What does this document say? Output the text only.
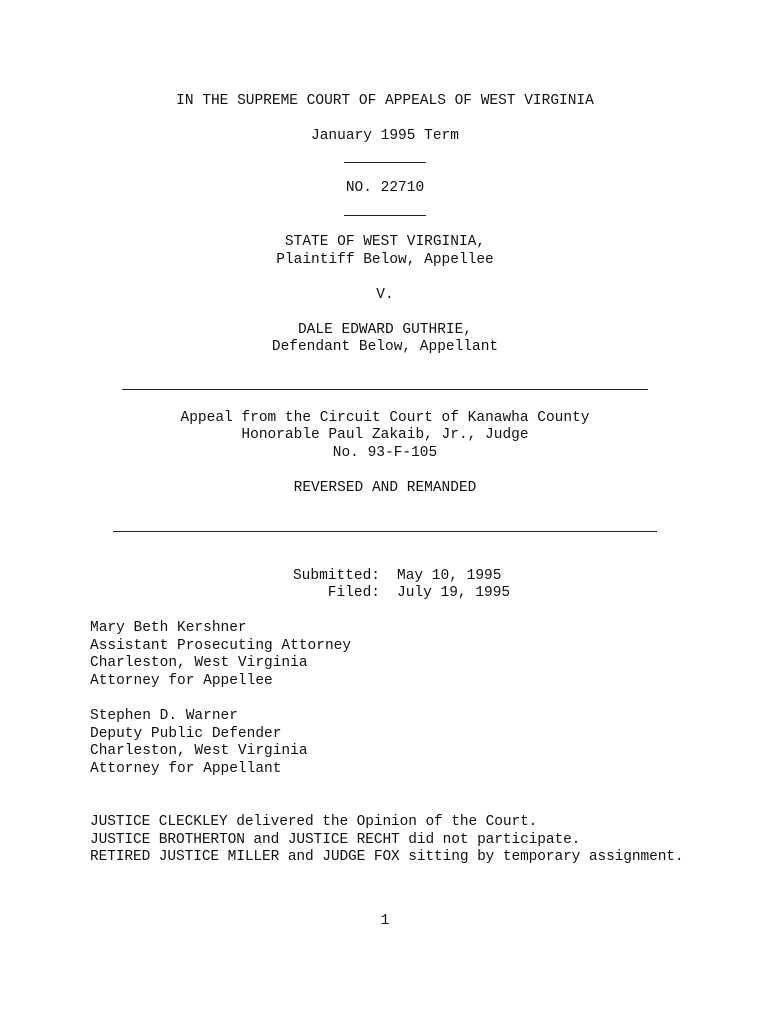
IN THE SUPREME COURT OF APPEALS OF WEST VIRGINIA
January 1995 Term
NO. 22710
STATE OF WEST VIRGINIA,
Plaintiff Below, Appellee
V.
DALE EDWARD GUTHRIE,
Defendant Below, Appellant
Appeal from the Circuit Court of Kanawha County
Honorable Paul Zakaib, Jr., Judge
No. 93-F-105
REVERSED AND REMANDED
Submitted: May 10, 1995
Filed: July 19, 1995
Mary Beth Kershner
Assistant Prosecuting Attorney
Charleston, West Virginia
Attorney for Appellee
Stephen D. Warner
Deputy Public Defender
Charleston, West Virginia
Attorney for Appellant
JUSTICE CLECKLEY delivered the Opinion of the Court.
JUSTICE BROTHERTON and JUSTICE RECHT did not participate.
RETIRED JUSTICE MILLER and JUDGE FOX sitting by temporary assignment.
1
